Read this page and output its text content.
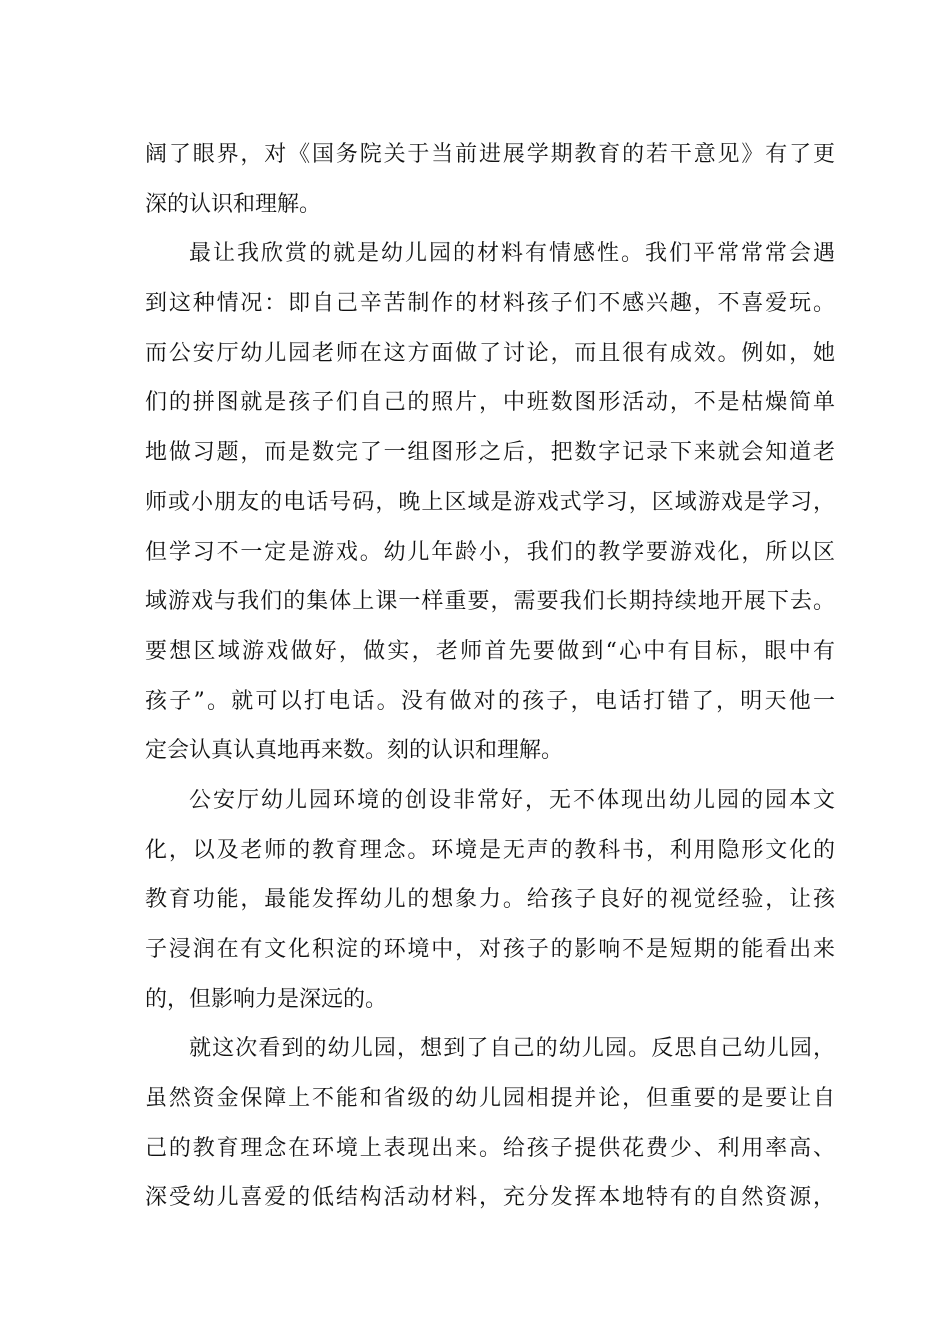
阔了眼界，对《国务院关于当前进展学期教育的若干意见》有了更
深的认识和理解。
最让我欣赏的就是幼儿园的材料有情感性。我们平常常常会遇
到这种情况：即自己辛苦制作的材料孩子们不感兴趣，不喜爱玩。
而公安厅幼儿园老师在这方面做了讨论，而且很有成效。例如，她
们的拼图就是孩子们自己的照片，中班数图形活动，不是枯燥简单
地做习题，而是数完了一组图形之后，把数字记录下来就会知道老
师或小朋友的电话号码，晚上区域是游戏式学习，区域游戏是学习，
但学习不一定是游戏。幼儿年龄小，我们的教学要游戏化，所以区
域游戏与我们的集体上课一样重要，需要我们长期持续地开展下去。
要想区域游戏做好，做实，老师首先要做到“心中有目标，眼中有
孩子”。就可以打电话。没有做对的孩子，电话打错了，明天他一
定会认真认真地再来数。刻的认识和理解。
公安厅幼儿园环境的创设非常好，无不体现出幼儿园的园本文
化，以及老师的教育理念。环境是无声的教科书，利用隐形文化的
教育功能，最能发挥幼儿的想象力。给孩子良好的视觉经验，让孩
子浸润在有文化积淀的环境中，对孩子的影响不是短期的能看出来
的，但影响力是深远的。
就这次看到的幼儿园，想到了自己的幼儿园。反思自己幼儿园，
虽然资金保障上不能和省级的幼儿园相提并论，但重要的是要让自
己的教育理念在环境上表现出来。给孩子提供花费少、利用率高、
深受幼儿喜爱的低结构活动材料，充分发挥本地特有的自然资源，
